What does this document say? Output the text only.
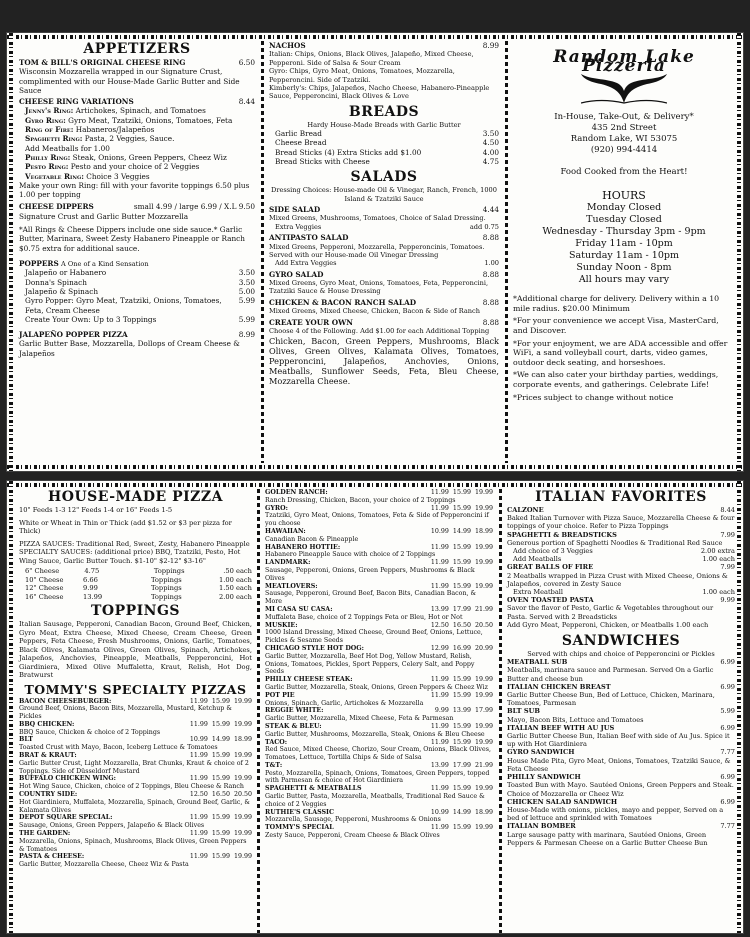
APPETIZERS
TOM & BILL'S ORIGINAL CHEESE RING	6.50
Wisconsin Mozzarella wrapped in our Signature Crust, complimented with our House-Made Garlic Butter and Side Sauce
CHEESE RING VARIATIONS	8.44
Jenny's Ring: Artichokes, Spinach, and Tomatoes
Gyro Ring: Gyro Meat, Tzatziki, Onions, Tomatoes, Feta
Ring of Fire: Habaneros/Jalapeños
Spaghetti Ring: Pasta, 2 Veggies, Sauce.
Add Meatballs for 1.00
Philly Ring: Steak, Onions, Green Peppers, Cheez Wiz
Pesto Ring: Pesto and your choice of 2 Veggies
Vegetable Ring: Choice 3 Veggies
Make your own Ring: fill with your favorite toppings 6.50 plus 1.00 per topping
CHEESE DIPPERS	small 4.99 / large 6.99 / X.L 9.50
Signature Crust and Garlic Butter Mozzarella
*All Rings & Cheese Dippers include one side sauce.* Garlic Butter, Marinara, Sweet Zesty Habanero Pineapple or Ranch $0.75 extra for additional sauce.
POPPERS A One of a Kind Sensation
Jalapeño or Habanero	3.50
Donna's Spinach	3.50
Jalapeño & Spinach	5.00
Gyro Popper: Gyro Meat, Tzatziki, Onions, Tomatoes, Feta, Cream Cheese
5.99
Create Your Own: Up to 3 Toppings	5.99
JALAPEÑO POPPER PIZZA	8.99
Garlic Butter Base, Mozzarella, Dollops of Cream Cheese & Jalapeños
NACHOS	8.99
Italian: Chips, Onions, Black Olives, Jalapeño, Mixed Cheese, Pepperoni. Side of Salsa & Sour Cream
Gyro: Chips, Gyro Meat, Onions, Tomatoes, Mozzarella, Pepperoncini. Side of Tzatziki.
Kimberly's: Chips, Jalapeños, Nacho Cheese, Habanero-Pineapple Sauce, Pepperoncini, Black Olives & Love
BREADS
Hardy House-Made Breads with Garlic Butter
Garlic Bread	3.50
Cheese Bread	4.50
Bread Sticks (4) Extra Sticks add $1.00	4.00
Bread Sticks with Cheese	4.75
SALADS
Dressing Choices: House-made Oil & Vinegar, Ranch, French, 1000 Island & Tzatziki Sauce
SIDE SALAD	4.44
Mixed Greens, Mushrooms, Tomatoes, Choice of Salad Dressing.
Extra Veggies	add 0.75
ANTIPASTO SALAD	8.88
Mixed Greens, Pepperoni, Mozzarella, Pepperoncinis, Tomatoes. Served with our House-made Oil Vinegar Dressing
Add Extra Veggies	1.00
GYRO SALAD	8.88
Mixed Greens, Gyro Meat, Onions, Tomatoes, Feta, Pepperoncini, Tzatziki Sauce & House Dressing
CHICKEN & BACON RANCH SALAD	8.88
Mixed Greens, Mixed Cheese, Chicken, Bacon & Side of Ranch
CREATE YOUR OWN	8.88
Choose 4 of the Following. Add $1.00 for each Additional Topping
Chicken, Bacon, Green Peppers, Mushrooms, Black Olives, Green Olives, Kalamata Olives, Tomatoes, Pepperoncini, Jalapeños, Anchovies, Onions, Meatballs, Sunflower Seeds, Feta, Bleu Cheese, Mozzarella Cheese.
Random Lake Pizzeria
In-House, Take-Out, & Delivery*
435 2nd Street
Random Lake, WI 53075
(920) 994-4414
Food Cooked from the Heart!
HOURS
Monday Closed
Tuesday Closed
Wednesday - Thursday 3pm - 9pm
Friday 11am - 10pm
Saturday 11am - 10pm
Sunday Noon - 8pm
All hours may vary
*Additional charge for delivery. Delivery within a 10 mile radius. $20.00 Minimum
*For your convenience we accept Visa, MasterCard, and Discover.
*For your enjoyment, we are ADA accessible and offer WiFi, a sand volleyball court, darts, video games, outdoor deck seating, and horseshoes.
*We can also cater your birthday parties, weddings, corporate events, and gatherings. Celebrate Life!
*Prices subject to change without notice
HOUSE-MADE PIZZA
10" Feeds 1-3 12" Feeds 1-4 or 16" Feeds 1-5
White or Wheat in Thin or Thick (add $1.52 or $3 per pizza for Thick)
PIZZA SAUCES: Traditional Red, Sweet, Zesty, Habanero Pineapple
SPECIALTY SAUCES: (additional price) BBQ, Tzatziki, Pesto, Hot Wing Sauce, Garlic Butter Touch. $1-10" $2-12" $3-16"
6" Cheese	4.75	Toppings	.50 each
10" Cheese	6.66	Toppings	1.00 each
12" Cheese	9.99	Toppings	1.50 each
16" Cheese	13.99	Toppings	2.00 each
TOPPINGS
Italian Sausage, Pepperoni, Canadian Bacon, Ground Beef, Chicken, Gyro Meat, Extra Cheese, Mixed Cheese, Cream Cheese, Green Peppers, Feta Cheese, Fresh Mushrooms, Onions, Garlic, Tomatoes, Black Olives, Kalamata Olives, Green Olives, Spinach, Artichokes, Jalapeños, Anchovies, Pineapple, Meatballs, Pepperoncini, Hot Giardiniera, Mixed Olive Muffaletta, Kraut, Relish, Hot Dog, Bratwurst
TOMMY'S SPECIALTY PIZZAS
BACON CHEESEBURGER:	11.99  15.99  19.99
Ground Beef, Onions, Bacon Bits, Mozzarella, Mustard, Ketchup & Pickles
BBQ CHICKEN:	11.99  15.99  19.99
BBQ Sauce, Chicken & choice of 2 Toppings
BLT	10.99  14.99  18.99
Toasted Crust with Mayo, Bacon, Iceberg Lettuce & Tomatoes
BRAT & KRAUT:	11.99  15.99  19.99
Garlic Butter Crust, Light Mozzarella, Brat Chunks, Kraut & choice of 2 Toppings. Side of Düsseldorf Mustard
BUFFALO CHICKEN WING:	11.99  15.99  19.99
Hot Wing Sauce, Chicken, choice of 2 Toppings, Bleu Cheese & Ranch
COUNTRY SIDE:	12.50  16.50  20.50
Hot Giardiniera, Muffaleta, Mozzarella, Spinach, Ground Beef, Garlic, & Kalamata Olives
DEPOT SQUARE SPECIAL:	11.99  15.99  19.99
Sausage, Onions, Green Peppers, Jalapeño & Black Olives
THE GARDEN:	11.99  15.99  19.99
Mozzarella, Onions, Spinach, Mushrooms, Black Olives, Green Peppers & Tomatoes
PASTA & CHEESE:	11.99  15.99  19.99
Garlic Butter, Mozzarella Cheese, Cheez Wiz & Pasta
GOLDEN RANCH:	11.99  15.99  19.99
Ranch Dressing, Chicken, Bacon, your choice of 2 Toppings
GYRO:	11.99  15.99  19.99
Tzatziki, Gyro Meat, Onions, Tomatoes, Feta & Side of Pepperoncini if you choose
HAWAIIAN:	10.99  14.99  18.99
Canadian Bacon & Pineapple
HABANERO HOTTIE:	11.99  15.99  19.99
Habanero Pineapple Sauce with choice of 2 Toppings
LANDMARK:	11.99  15.99  19.99
Sausage, Pepperoni, Onions, Green Peppers, Mushrooms & Black Olives
MEATLOVERS:	11.99  15.99  19.99
Sausage, Pepperoni, Ground Beef, Bacon Bits, Canadian Bacon, & More
MI CASA SU CASA:	13.99  17.99  21.99
Muffaleta Base, choice of 2 Toppings Feta or Bleu, Hot or Not
MUSKIE:	12.50  16.50  20.50
1000 Island Dressing, Mixed Cheese, Ground Beef, Onions, Lettuce, Pickles & Sesame Seeds
CHICAGO STYLE HOT DOG:	12.99  16.99  20.99
Garlic Butter, Mozzarella, Beef Hot Dog, Yellow Mustard, Relish, Onions, Tomatoes, Pickles, Sport Peppers, Celery Salt, and Poppy Seeds
PHILLY CHEESE STEAK:	11.99  15.99  19.99
Garlic Butter, Mozzarella, Steak, Onions, Green Peppers & Cheez Wiz
POT PIE	11.99  15.99  19.99
Onions, Spinach, Garlic, Artichokes & Mozzarella
REGGIE WHITE:	9.99  13.99  17.99
Garlic Butter, Mozzarella, Mixed Cheese, Feta & Parmesan
STEAK & BLEU:	11.99  15.99  19.99
Garlic Butter, Mushrooms, Mozzarella, Steak, Onions & Bleu Cheese
TACO:	11.99  15.99  19.99
Red Sauce, Mixed Cheese, Chorizo, Sour Cream, Onions, Black Olives, Tomatoes, Lettuce, Tortilla Chips & Side of Salsa
T&T:	13.99  17.99  21.99
Pesto, Mozzarella, Spinach, Onions, Tomatoes, Green Peppers, topped with Parmesan & choice of Hot Giardiniera
SPAGHETTI & MEATBALLS	11.99  15.99  19.99
Garlic Butter, Pasta, Mozzarella, Meatballs, Traditional Red Sauce & choice of 2 Veggies
RUTHIE'S CLASSIC	10.99  14.99  18.99
Mozzarella, Sausage, Pepperoni, Mushrooms & Onions
TOMMY'S SPECIAL	11.99  15.99  19.99
Zesty Sauce, Pepperoni, Cream Cheese & Black Olives
ITALIAN FAVORITES
CALZONE	8.44
Baked Italian Turnover with Pizza Sauce, Mozzarella Cheese & four toppings of your choice. Refer to Pizza Toppings
SPAGHETTI & BREADSTICKS	7.99
Generous portion of Spaghetti Noodles & Traditional Red Sauce
Add choice of 3 Veggies	2.00 extra
Add Meatballs	1.00 each
GREAT BALLS OF FIRE	7.99
2 Meatballs wrapped in Pizza Crust with Mixed Cheese, Onions & Jalapeños, covered in Zesty Sauce
Extra Meatball	1.00 each
OVEN TOASTED PASTA	9.99
Savor the flavor of Pesto, Garlic & Vegetables throughout our Pasta. Served with 2 Breadsticks
Add Gyro Meat, Pepperoni, Chicken, or Meatballs 1.00 each
SANDWICHES
Served with chips and choice of Pepperoncini or Pickles
MEATBALL SUB	6.99
Meatballs, marinara sauce and Parmesan. Served On a Garlic Butter and cheese bun
ITALIAN CHICKEN BREAST	6.99
Garlic Butter Cheese Bun, Bed of Lettuce, Chicken, Marinara, Tomatoes, Parmesan
BLT SUB	5.99
Mayo, Bacon Bits, Lettuce and Tomatoes
ITALIAN BEEF WITH AU JUS	6.99
Garlic Butter Cheese Bun, Italian Beef with side of Au Jus. Spice it up with Hot Giardiniera
GYRO SANDWICH	7.77
House Made Pita, Gyro Meat, Onions, Tomatoes, Tzatziki Sauce, & Feta Cheese
PHILLY SANDWICH	6.99
Toasted Bun with Mayo. Sautéed Onions, Green Peppers and Steak. Choice of Mozzarella or Cheez Wiz
CHICKEN SALAD SANDWICH	6.99
House-Made with onions, pickles, mayo and pepper, Served on a bed of lettuce and sprinkled with Tomatoes
ITALIAN BOMBER	7.77
Large sausage patty with marinara, Sautéed Onions, Green Peppers & Parmesan Cheese on a Garlic Butter Cheese Bun
